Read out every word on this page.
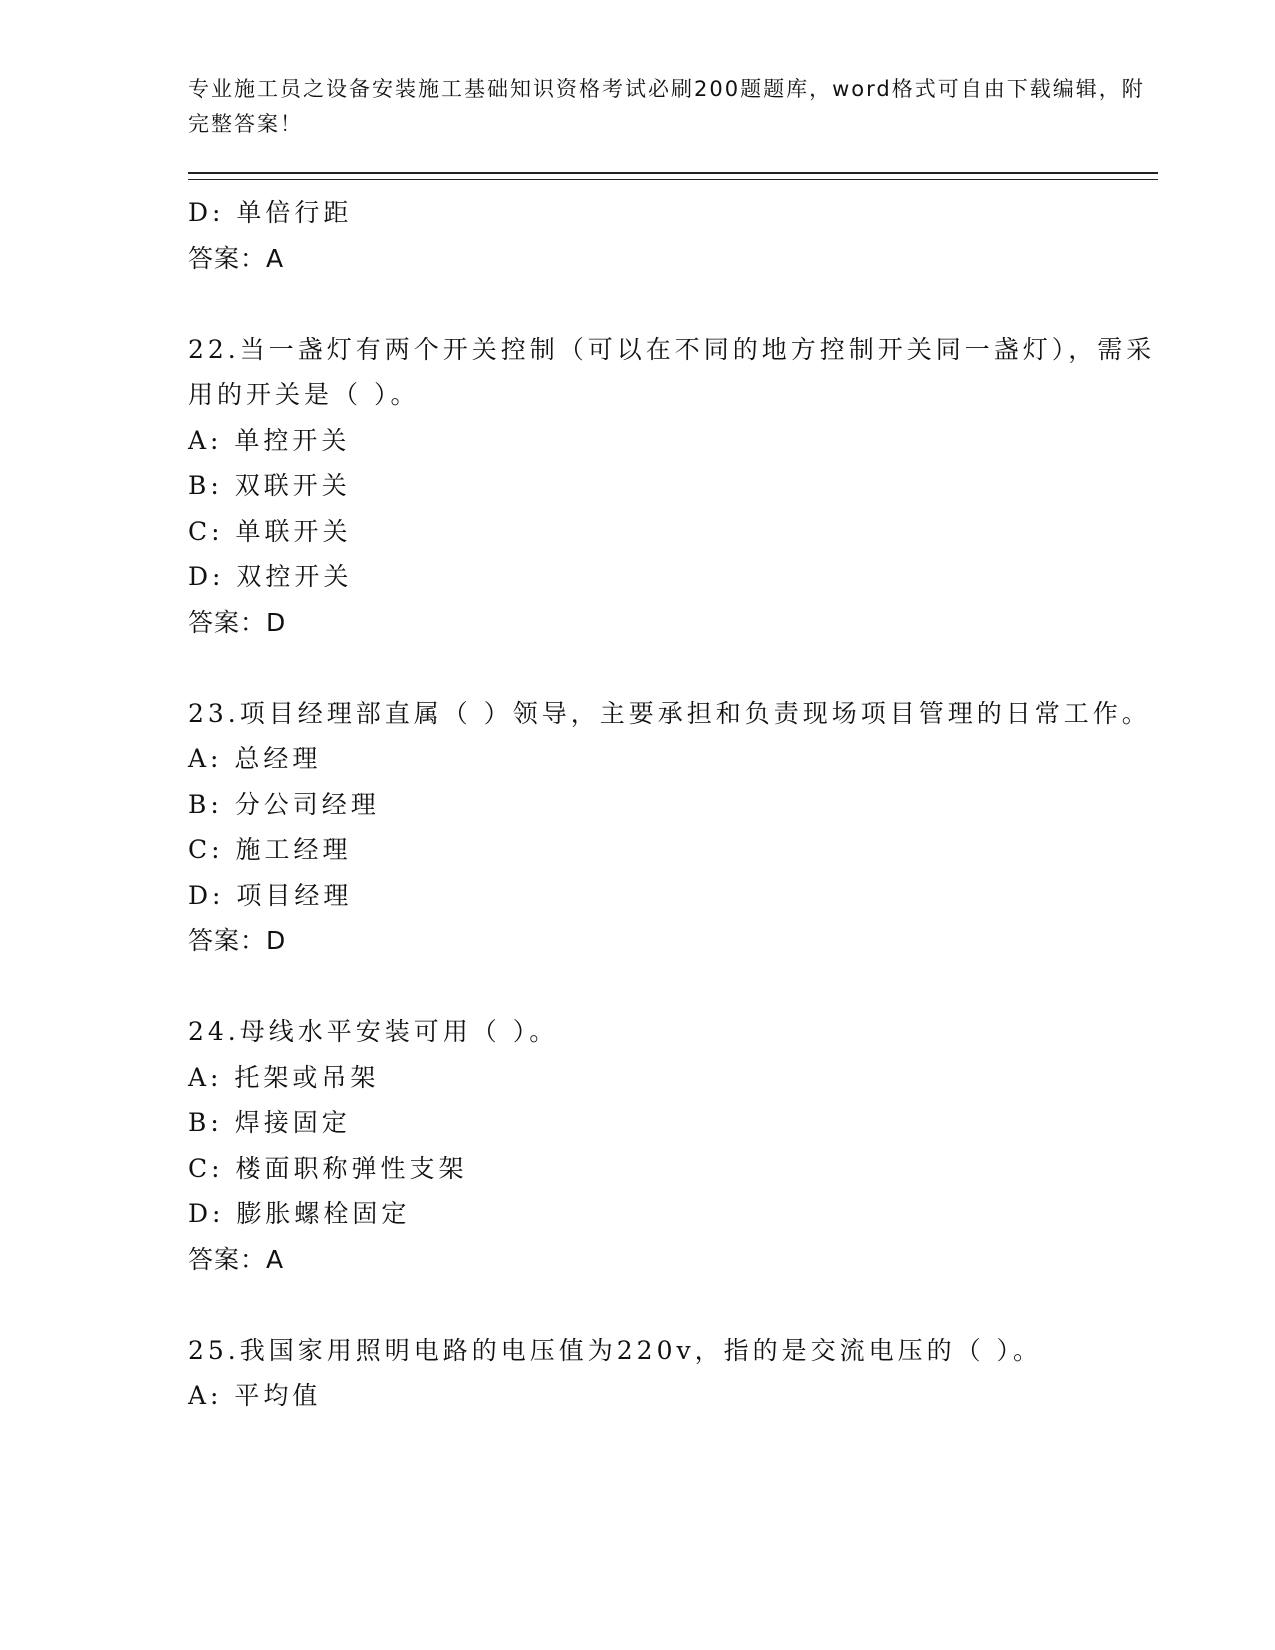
专业施工员之设备安装施工基础知识资格考试必刷200题题库，word格式可自由下载编辑，附完整答案！

D: 单倍行距
答案：A
22.当一盏灯有两个开关控制（可以在不同的地方控制开关同一盏灯），需采用的开关是（ ）。
A: 单控开关
B: 双联开关
C: 单联开关
D: 双控开关
答案：D
23.项目经理部直属（ ）领导，主要承担和负责现场项目管理的日常工作。
A: 总经理
B: 分公司经理
C: 施工经理
D: 项目经理
答案：D
24.母线水平安装可用（ ）。
A: 托架或吊架
B: 焊接固定
C: 楼面职称弹性支架
D: 膨胀螺栓固定
答案：A
25.我国家用照明电路的电压值为220v，指的是交流电压的（ ）。
A: 平均值
